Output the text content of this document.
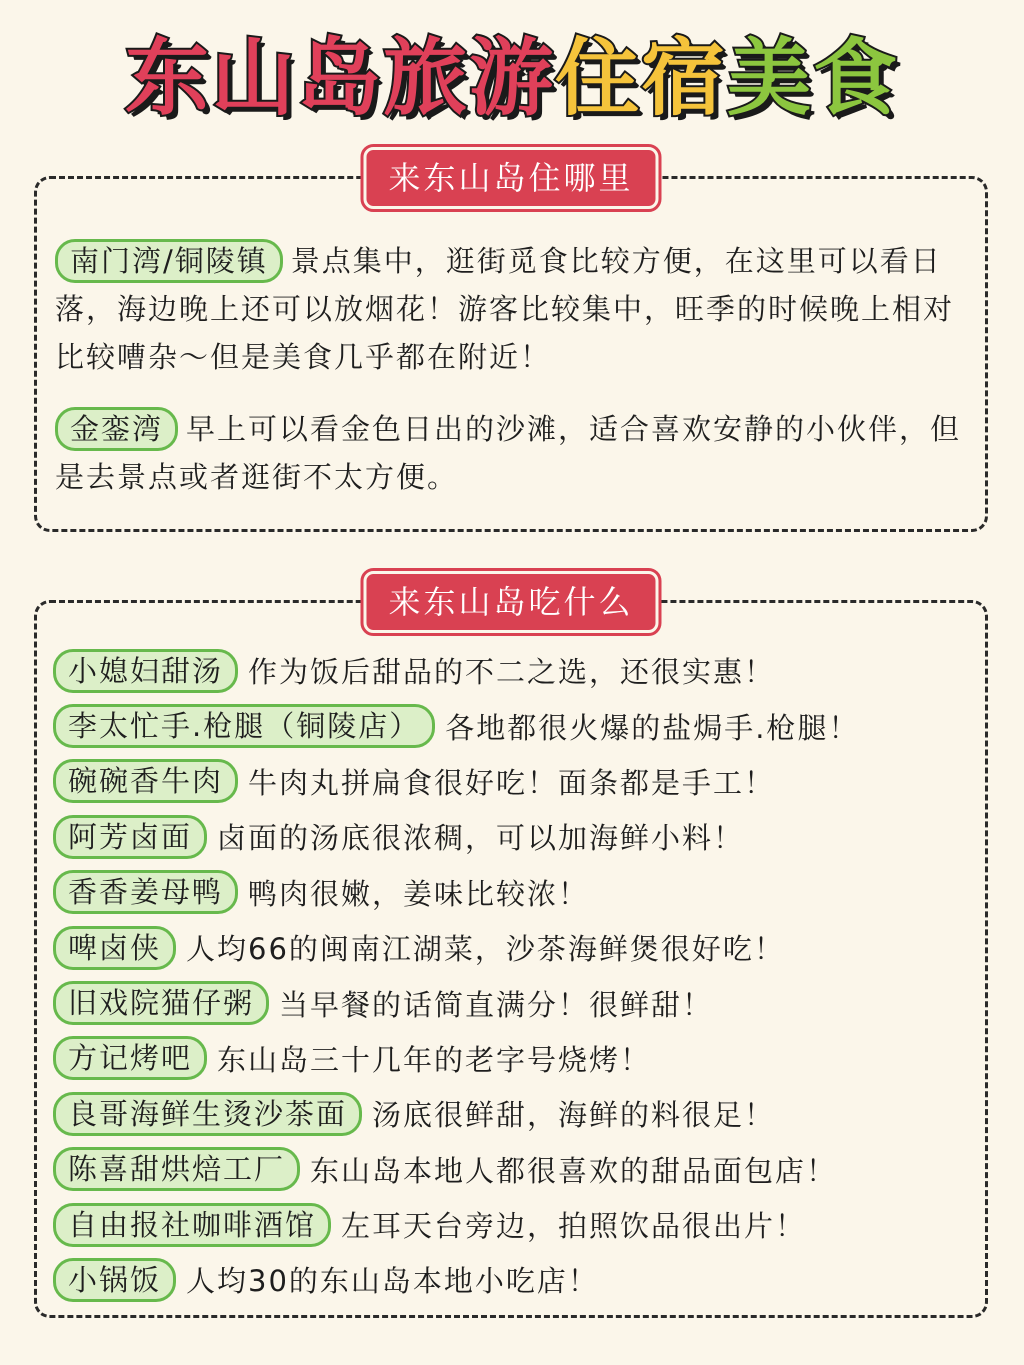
东山岛旅游住宿美食
来东山岛住哪里
南门湾/铜陵镇 景点集中，逛街觅食比较方便，在这里可以看日落，海边晚上还可以放烟花！游客比较集中，旺季的时候晚上相对比较嘈杂～但是美食几乎都在附近！
金銮湾 早上可以看金色日出的沙滩，适合喜欢安静的小伙伴，但是去景点或者逛街不太方便。
来东山岛吃什么
小媳妇甜汤 作为饭后甜品的不二之选，还很实惠！
李太忙手.枪腿（铜陵店） 各地都很火爆的盐焗手.枪腿！
碗碗香牛肉 牛肉丸拼扁食很好吃！面条都是手工！
阿芳卤面 卤面的汤底很浓稠，可以加海鲜小料！
香香姜母鸭 鸭肉很嫩，姜味比较浓！
啤卤侠 人均66的闽南江湖菜，沙茶海鲜煲很好吃！
旧戏院猫仔粥 当早餐的话简直满分！很鲜甜！
方记烤吧 东山岛三十几年的老字号烧烤！
良哥海鲜生烫沙茶面 汤底很鲜甜，海鲜的料很足！
陈喜甜烘焙工厂 东山岛本地人都很喜欢的甜品面包店！
自由报社咖啡酒馆 左耳天台旁边，拍照饮品很出片！
小锅饭 人均30的东山岛本地小吃店！
